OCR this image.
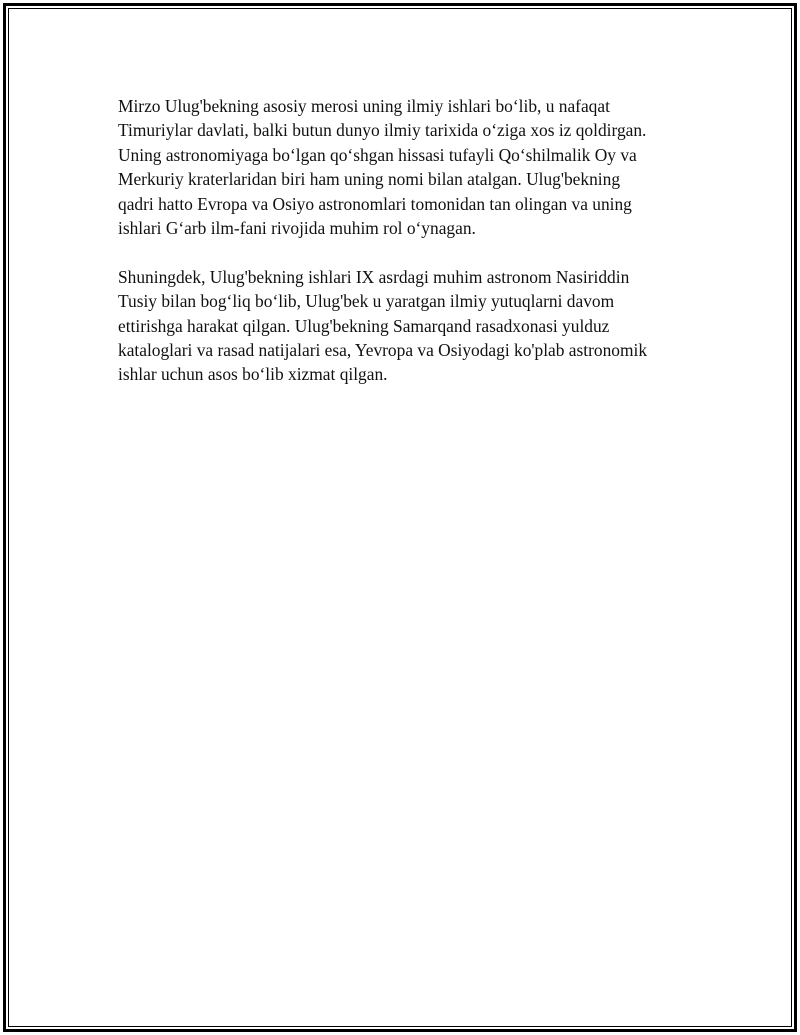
Mirzo Ulug'bekning asosiy merosi uning ilmiy ishlari boʻlib, u nafaqat
Timuriylar davlati, balki butun dunyo ilmiy tarixida oʻziga xos iz qoldirgan.
Uning astronomiyaga boʻlgan qoʻshgan hissasi tufayli Qoʻshilmalik Oy va
Merkuriy kraterlaridan biri ham uning nomi bilan atalgan. Ulug'bekning
qadri hatto Evropa va Osiyo astronomlari tomonidan tan olingan va uning
ishlari Gʻarb ilm-fani rivojida muhim rol oʻynagan.

Shuningdek, Ulug'bekning ishlari IX asrdagi muhim astronom Nasiriddin
Tusiy bilan bogʻliq boʻlib, Ulug'bek u yaratgan ilmiy yutuqlarni davom
ettirishga harakat qilgan. Ulug'bekning Samarqand rasadxonasi yulduz
kataloglari va rasad natijalari esa, Yevropa va Osiyodagi ko'plab astronomik
ishlar uchun asos boʻlib xizmat qilgan.
